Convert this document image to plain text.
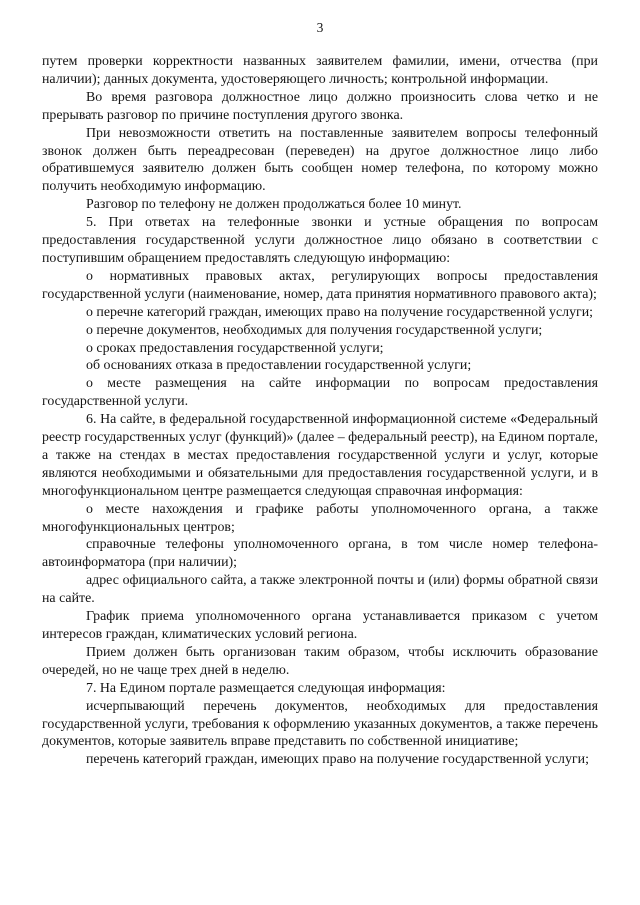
3

путем проверки корректности названных заявителем фамилии, имени, отчества (при наличии); данных документа, удостоверяющего личность; контрольной информации.

Во время разговора должностное лицо должно произносить слова четко и не прерывать разговор по причине поступления другого звонка.

При невозможности ответить на поставленные заявителем вопросы телефонный звонок должен быть переадресован (переведен) на другое должностное лицо либо обратившемуся заявителю должен быть сообщен номер телефона, по которому можно получить необходимую информацию.

Разговор по телефону не должен продолжаться более 10 минут.

5. При ответах на телефонные звонки и устные обращения по вопросам предоставления государственной услуги должностное лицо обязано в соответствии с поступившим обращением предоставлять следующую информацию:

о нормативных правовых актах, регулирующих вопросы предоставления государственной услуги (наименование, номер, дата принятия нормативного правового акта);

о перечне категорий граждан, имеющих право на получение государственной услуги;

о перечне документов, необходимых для получения государственной услуги;

о сроках предоставления государственной услуги;

об основаниях отказа в предоставлении государственной услуги;

о месте размещения на сайте информации по вопросам предоставления государственной услуги.

6. На сайте, в федеральной государственной информационной системе «Федеральный реестр государственных услуг (функций)» (далее – федеральный реестр), на Едином портале, а также на стендах в местах предоставления государственной услуги и услуг, которые являются необходимыми и обязательными для предоставления государственной услуги, и в многофункциональном центре размещается следующая справочная информация:

о месте нахождения и графике работы уполномоченного органа, а также многофункциональных центров;

справочные телефоны уполномоченного органа, в том числе номер телефона-автоинформатора (при наличии);

адрес официального сайта, а также электронной почты и (или) формы обратной связи на сайте.

График приема уполномоченного органа устанавливается приказом с учетом интересов граждан, климатических условий региона.

Прием должен быть организован таким образом, чтобы исключить образование очередей, но не чаще трех дней в неделю.

7. На Едином портале размещается следующая информация:

исчерпывающий перечень документов, необходимых для предоставления государственной услуги, требования к оформлению указанных документов, а также перечень документов, которые заявитель вправе представить по собственной инициативе;

перечень категорий граждан, имеющих право на получение государственной услуги;
